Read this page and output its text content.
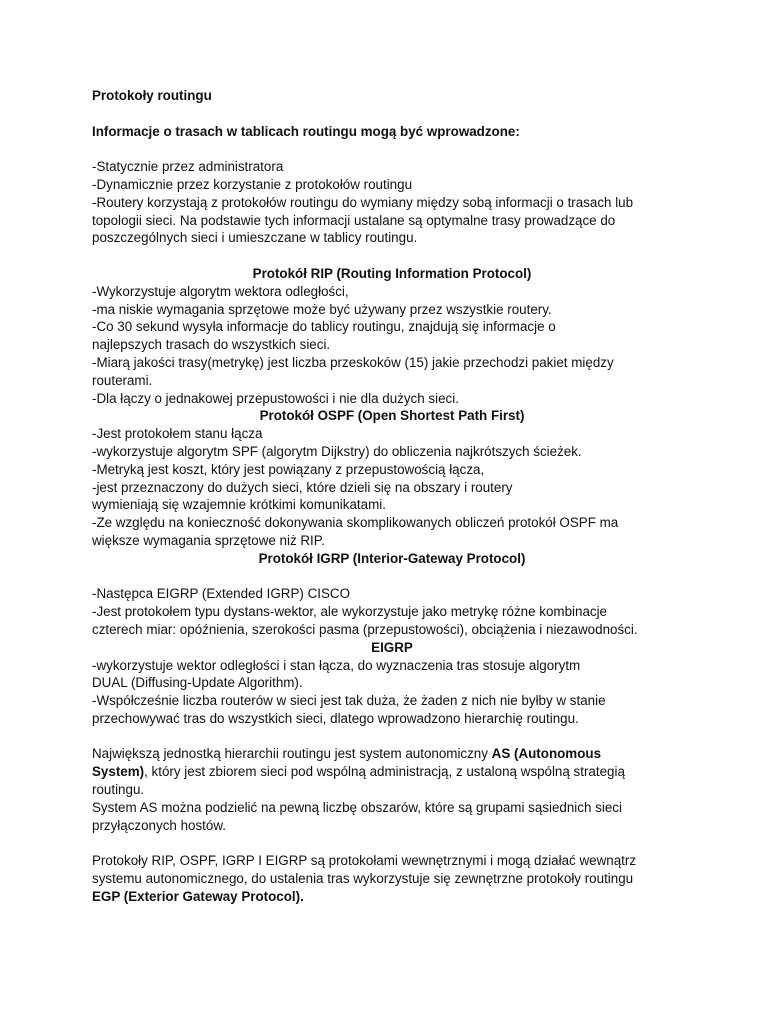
Protokoły routingu
Informacje o trasach w tablicach routingu mogą być wprowadzone:
-Statycznie przez administratora
-Dynamicznie przez korzystanie z protokołów routingu
-Routery korzystają z protokołów routingu do wymiany między sobą informacji o trasach lub
topologii sieci. Na podstawie tych informacji ustalane są optymalne trasy prowadzące do
poszczególnych sieci i umieszczane w tablicy routingu.
Protokół RIP (Routing Information Protocol)
-Wykorzystuje algorytm wektora odległości,
-ma niskie wymagania sprzętowe może być używany przez wszystkie routery.
-Co 30 sekund wysyła informacje do tablicy routingu, znajdują się informacje o
najlepszych trasach do wszystkich sieci.
-Miarą jakości trasy(metrykę) jest liczba przeskoków (15) jakie przechodzi pakiet między
routerami.
-Dla łączy o jednakowej przepustowości i nie dla dużych sieci.
Protokół OSPF (Open Shortest Path First)
-Jest protokołem stanu łącza
-wykorzystuje algorytm SPF (algorytm Dijkstry) do obliczenia najkrótszych ścieżek.
-Metryką jest koszt, który jest powiązany z przepustowością łącza,
-jest przeznaczony do dużych sieci, które dzieli się na obszary i routery
wymieniają się wzajemnie krótkimi komunikatami.
-Ze względu na konieczność dokonywania skomplikowanych obliczeń protokół OSPF ma
większe wymagania sprzętowe niż RIP.
Protokół IGRP (Interior-Gateway Protocol)
-Następca EIGRP (Extended IGRP) CISCO
-Jest protokołem typu dystans-wektor, ale wykorzystuje jako metrykę różne kombinacje
czterech miar: opóźnienia, szerokości pasma (przepustowości), obciążenia i niezawodności.
EIGRP
-wykorzystuje wektor odległości i stan łącza, do wyznaczenia tras stosuje algorytm
DUAL (Diffusing-Update Algorithm).
-Współcześnie liczba routerów w sieci jest tak duża, że żaden z nich nie byłby w stanie
przechowywać tras do wszystkich sieci, dlatego wprowadzono hierarchię routingu.
Największą jednostką hierarchii routingu jest system autonomiczny AS (Autonomous
System), który jest zbiorem sieci pod wspólną administracją, z ustaloną wspólną strategią
routingu.
System AS można podzielić na pewną liczbę obszarów, które są grupami sąsiednich sieci
przyłączonych hostów.
Protokoły RIP, OSPF, IGRP I EIGRP są protokołami wewnętrznymi i mogą działać wewnątrz
systemu autonomicznego, do ustalenia tras wykorzystuje się zewnętrzne protokoły routingu
EGP (Exterior Gateway Protocol).
